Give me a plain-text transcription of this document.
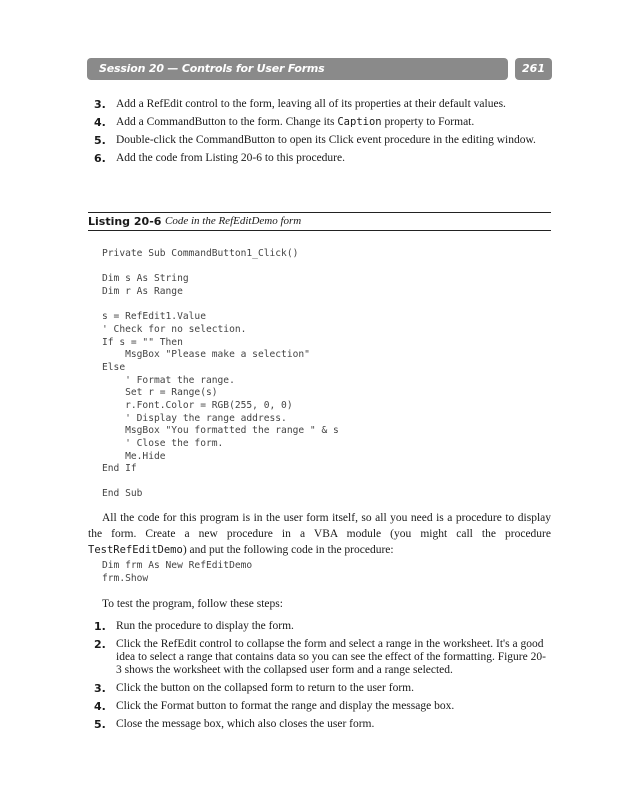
Session 20 — Controls for User Forms	261
3. Add a RefEdit control to the form, leaving all of its properties at their default values.
4. Add a CommandButton to the form. Change its Caption property to Format.
5. Double-click the CommandButton to open its Click event procedure in the editing window.
6. Add the code from Listing 20-6 to this procedure.
Listing 20-6 Code in the RefEditDemo form
Private Sub CommandButton1_Click()

Dim s As String
Dim r As Range

s = RefEdit1.Value
' Check for no selection.
If s = "" Then
MsgBox "Please make a selection"
Else
' Format the range.
Set r = Range(s)
r.Font.Color = RGB(255, 0, 0)
' Display the range address.
MsgBox "You formatted the range " & s
' Close the form.
Me.Hide
End If

End Sub

All the code for this program is in the user form itself, so all you need is a procedure to display the form. Create a new procedure in a VBA module (you might call the procedure TestRefEditDemo) and put the following code in the procedure:

Dim frm As New RefEditDemo
frm.Show

To test the program, follow these steps:

1. Run the procedure to display the form.
2. Click the RefEdit control to collapse the form and select a range in the worksheet. It's a good idea to select a range that contains data so you can see the effect of the formatting. Figure 20-3 shows the worksheet with the collapsed user form and a range selected.
3. Click the button on the collapsed form to return to the user form.
4. Click the Format button to format the range and display the message box.
5. Close the message box, which also closes the user form.
